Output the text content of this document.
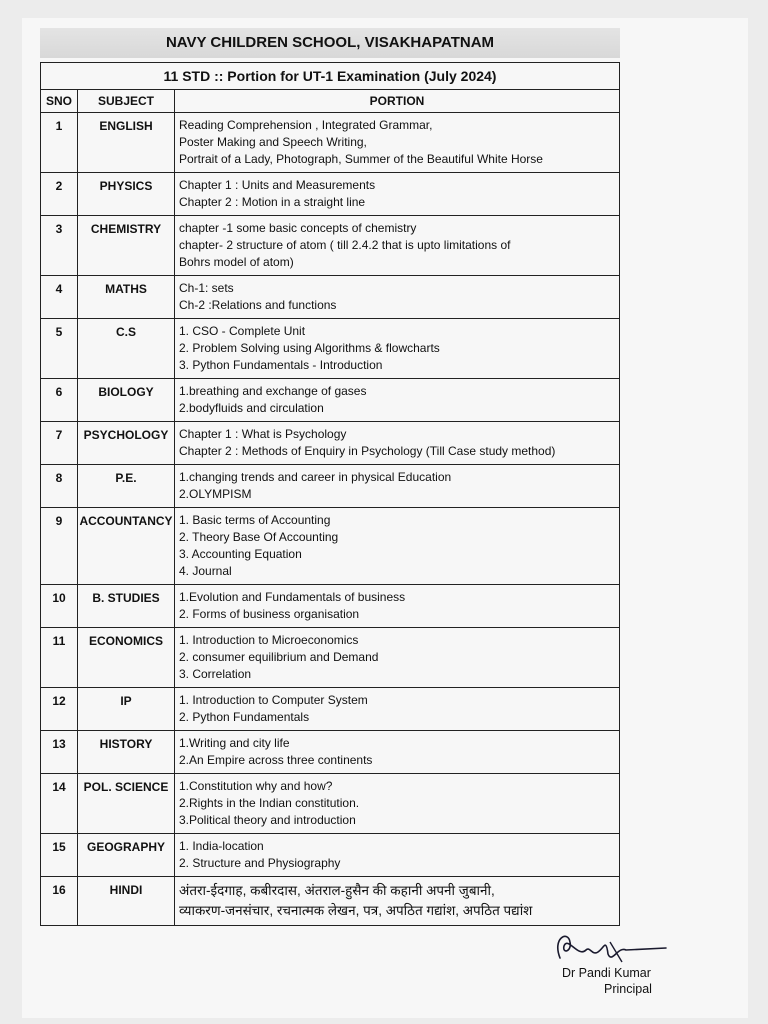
NAVY CHILDREN SCHOOL, VISAKHAPATNAM
11 STD :: Portion for UT-1 Examination (July 2024)		
SNO	SUBJECT	PORTION
1	ENGLISH	Reading Comprehension , Integrated Grammar,
Poster Making and Speech Writing,
Portrait of a Lady, Photograph, Summer of the Beautiful White Horse

2	PHYSICS	Chapter 1 : Units and Measurements
Chapter 2 : Motion in a straight line

3	CHEMISTRY	chapter -1 some basic concepts of chemistry
chapter- 2 structure of atom ( till 2.4.2 that is upto limitations of
Bohrs model of atom)

4	MATHS	Ch-1: sets
Ch-2 :Relations and functions

5	C.S	1. CSO - Complete Unit
2. Problem Solving using Algorithms & flowcharts
3. Python Fundamentals - Introduction

6	BIOLOGY	1.breathing and exchange of gases
2.bodyfluids and circulation

7	PSYCHOLOGY	Chapter 1 : What is Psychology
Chapter 2 : Methods of Enquiry in Psychology (Till Case study method)

8	P.E.	1.changing trends and career in physical Education
2.OLYMPISM

9	ACCOUNTANCY	1. Basic terms of Accounting
2. Theory Base Of Accounting
3. Accounting Equation
4. Journal

10	B. STUDIES	1.Evolution and Fundamentals of business
2. Forms of business organisation

11	ECONOMICS	1. Introduction to Microeconomics
2. consumer equilibrium and Demand
3. Correlation

12	IP	1. Introduction to Computer System
2. Python Fundamentals

13	HISTORY	1.Writing and city life
2.An Empire across three continents

14	POL. SCIENCE	1.Constitution why and how?
2.Rights in the Indian constitution.
3.Political theory and introduction

15	GEOGRAPHY	1. India-location
2. Structure and Physiography

16	HINDI	अंतरा-ईदगाह, कबीरदास, अंतराल-हुसैन की कहानी अपनी जुबानी,
व्याकरण-जनसंचार, रचनात्मक लेखन, पत्र, अपठित गद्यांश, अपठित पद्यांश
Dr Pandi Kumar
Principal
